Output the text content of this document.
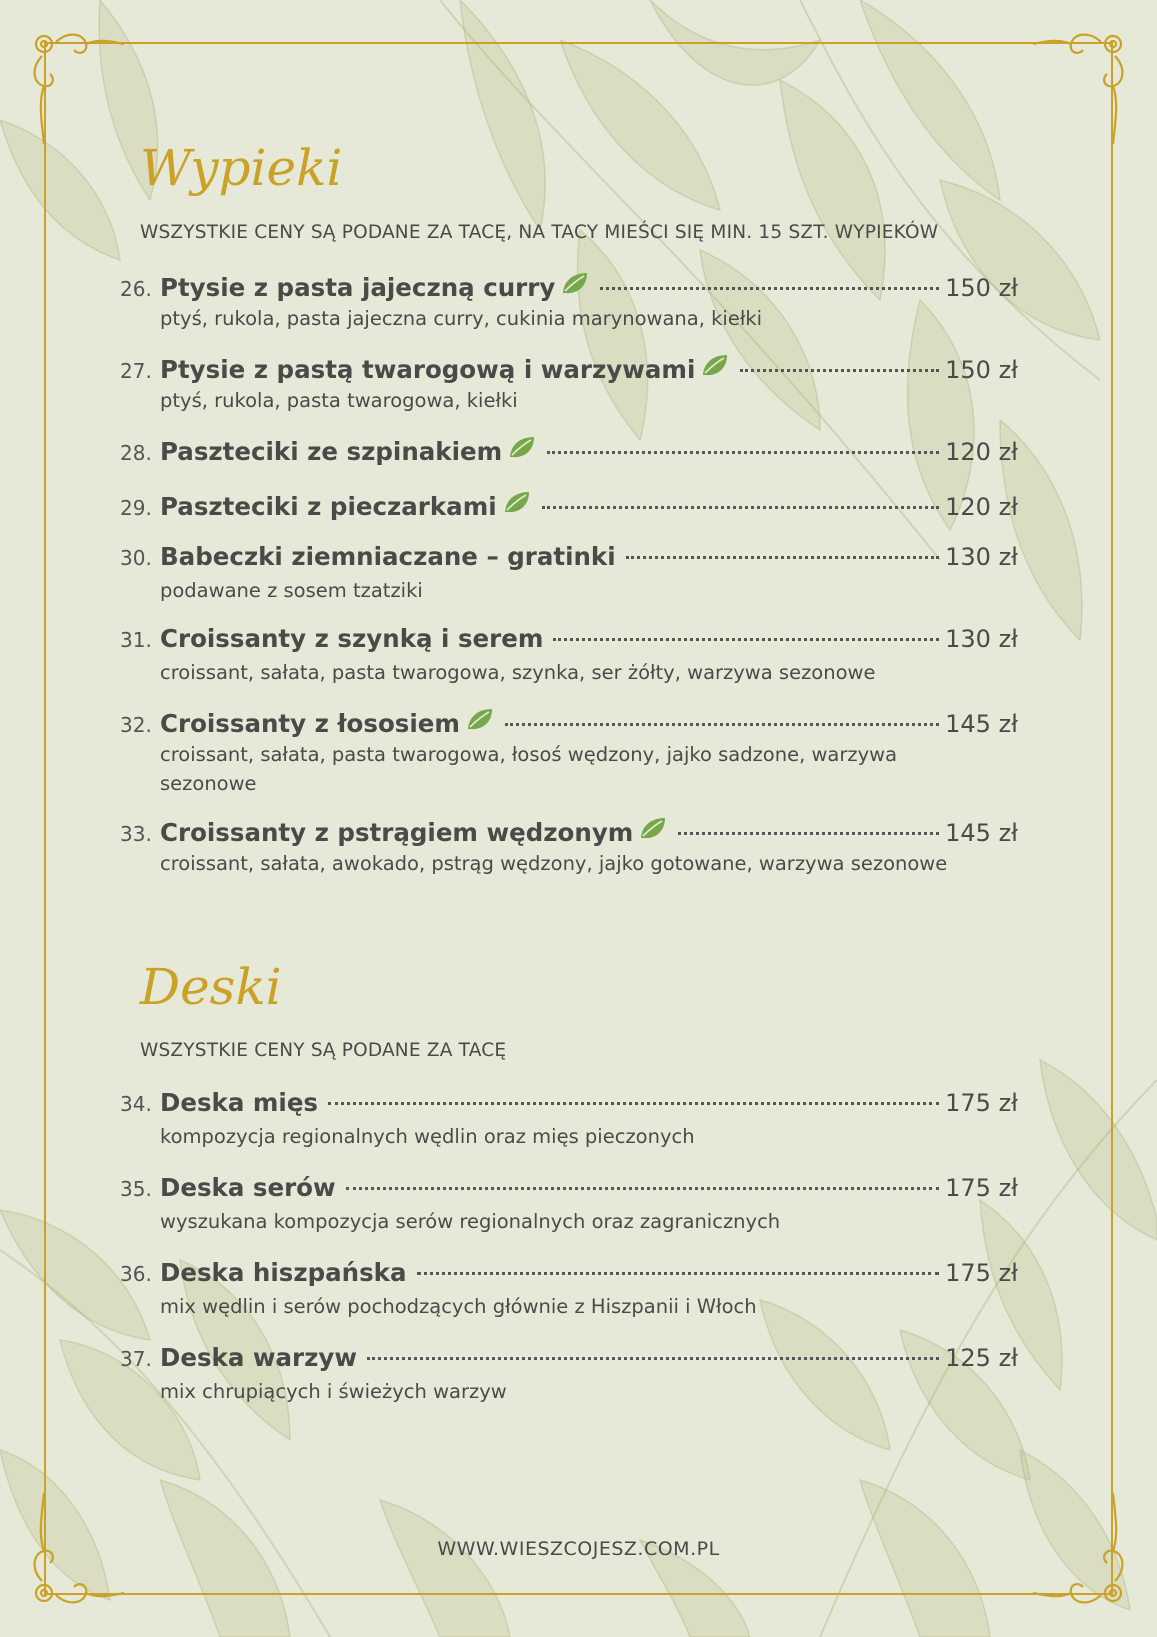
Wypieki

WSZYSTKIE CENY SĄ PODANE ZA TACĘ, NA TACY MIEŚCI SIĘ MIN. 15 SZT. WYPIEKÓW

26. Ptysie z pasta jajeczną curry	150 zł

ptyś, rukola, pasta jajeczna curry, cukinia marynowana, kiełki

27. Ptysie z pastą twarogową i warzywami	150 zł

ptyś, rukola, pasta twarogowa, kiełki

28. Paszteciki ze szpinakiem	120 zł
29. Paszteciki z pieczarkami	120 zł
30. Babeczki ziemniaczane – gratinki	130 zł

podawane z sosem tzatziki

31. Croissanty z szynką i serem	130 zł

croissant, sałata, pasta twarogowa, szynka, ser żółty, warzywa sezonowe

32. Croissanty z łososiem	145 zł

croissant, sałata, pasta twarogowa, łosoś wędzony, jajko sadzone, warzywa sezonowe

33. Croissanty z pstrągiem wędzonym	145 zł

croissant, sałata, awokado, pstrąg wędzony, jajko gotowane, warzywa sezonowe

Deski

WSZYSTKIE CENY SĄ PODANE ZA TACĘ

34. Deska mięs	175 zł

kompozycja regionalnych wędlin oraz mięs pieczonych

35. Deska serów	175 zł

wyszukana kompozycja serów regionalnych oraz zagranicznych

36. Deska hiszpańska	175 zł

mix wędlin i serów pochodzących głównie z Hiszpanii i Włoch

37. Deska warzyw	125 zł

mix chrupiących i świeżych warzyw

WWW.WIESZCOJESZ.COM.PL
